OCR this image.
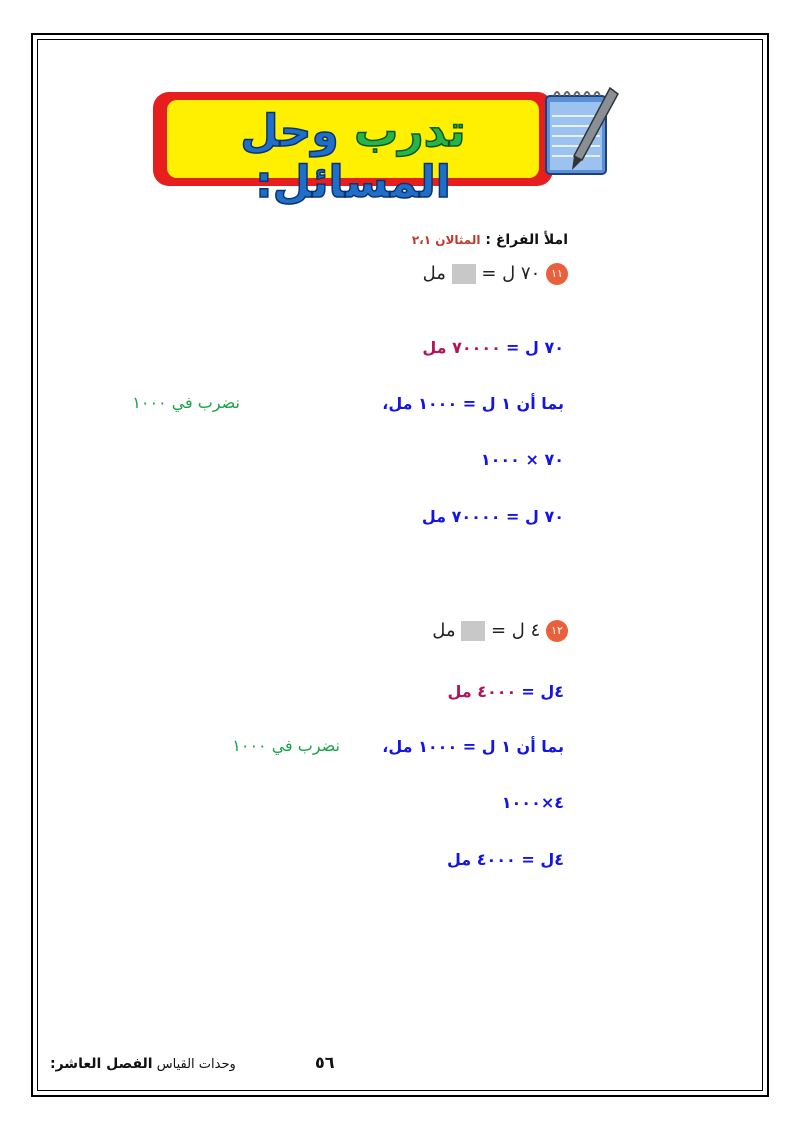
تدرب وحل المسائل:
املأ الفراغ : المثالان ٢،١
١١ ٧٠ ل =  مل
٧٠ ل = ٧٠٠٠٠ مل
بما أن ١ ل = ١٠٠٠ مل،
نضرب في ١٠٠٠
٧٠ × ١٠٠٠
٧٠ ل = ٧٠٠٠٠ مل
١٢ ٤ ل =  مل
٤ل = ٤٠٠٠ مل
بما أن ١ ل = ١٠٠٠ مل،
نضرب في ١٠٠٠
٤×١٠٠٠
٤ل = ٤٠٠٠ مل
وحدات القياس الفصل العاشر:	٥٦
